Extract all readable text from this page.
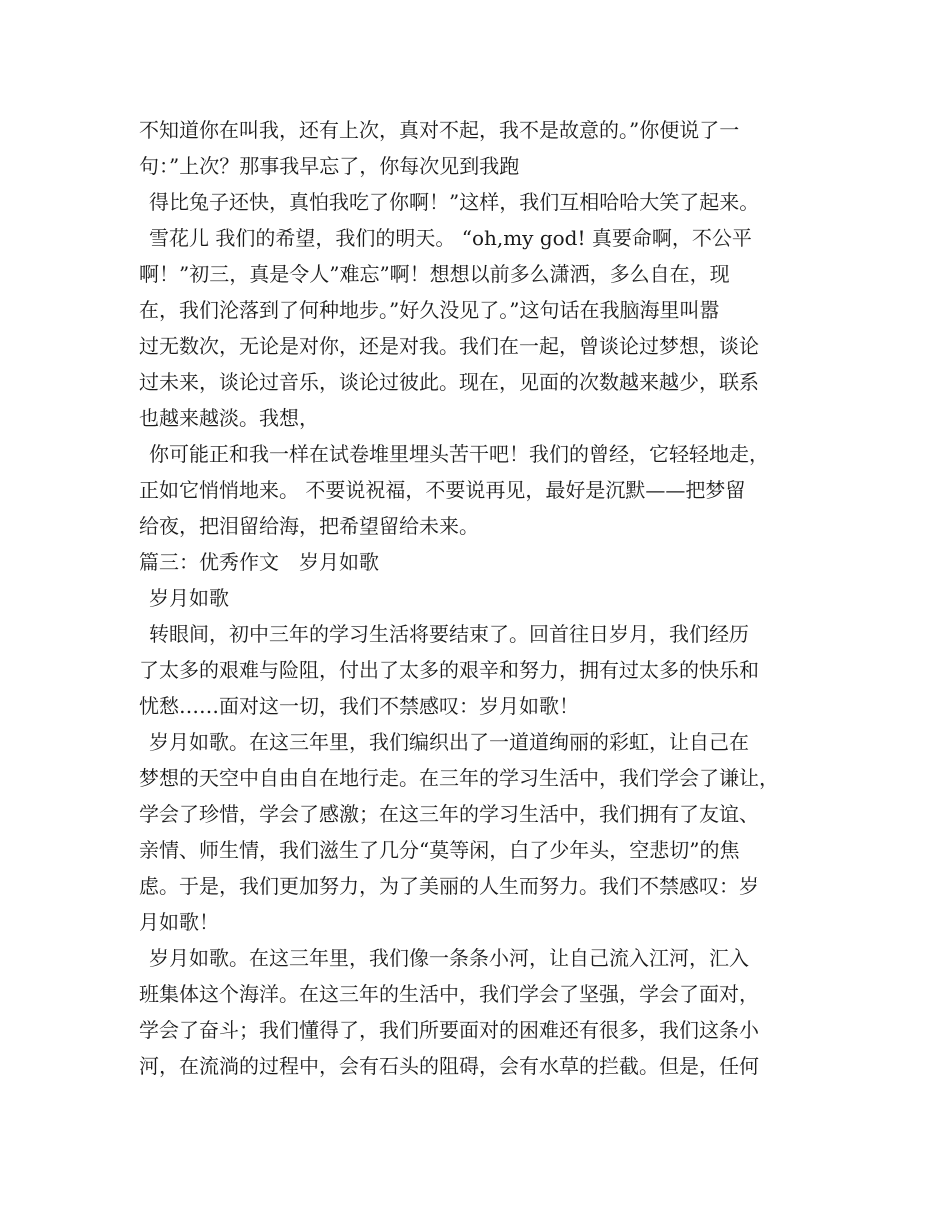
不知道你在叫我，还有上次，真对不起，我不是故意的。”你便说了一
句：”上次？那事我早忘了，你每次见到我跑
得比兔子还快，真怕我吃了你啊！”这样，我们互相哈哈大笑了起来。
雪花儿 我们的希望，我们的明天。 “oh,my god! 真要命啊，不公平
啊！”初三，真是令人”难忘”啊！想想以前多么潇洒，多么自在，现
在，我们沦落到了何种地步。”好久没见了。”这句话在我脑海里叫嚣
过无数次，无论是对你，还是对我。我们在一起，曾谈论过梦想，谈论
过未来，谈论过音乐，谈论过彼此。现在，见面的次数越来越少，联系
也越来越淡。我想，
你可能正和我一样在试卷堆里埋头苦干吧！我们的曾经，它轻轻地走，
正如它悄悄地来。 不要说祝福，不要说再见，最好是沉默——把梦留
给夜，把泪留给海，把希望留给未来。
篇三：优秀作文　岁月如歌
岁月如歌
转眼间，初中三年的学习生活将要结束了。回首往日岁月，我们经历
了太多的艰难与险阻，付出了太多的艰辛和努力，拥有过太多的快乐和
忧愁……面对这一切，我们不禁感叹：岁月如歌！
岁月如歌。在这三年里，我们编织出了一道道绚丽的彩虹，让自己在
梦想的天空中自由自在地行走。在三年的学习生活中，我们学会了谦让，
学会了珍惜，学会了感激；在这三年的学习生活中，我们拥有了友谊、
亲情、师生情，我们滋生了几分“莫等闲，白了少年头，空悲切”的焦
虑。于是，我们更加努力，为了美丽的人生而努力。我们不禁感叹：岁
月如歌！
岁月如歌。在这三年里，我们像一条条小河，让自己流入江河，汇入
班集体这个海洋。在这三年的生活中，我们学会了坚强，学会了面对，
学会了奋斗；我们懂得了，我们所要面对的困难还有很多，我们这条小
河，在流淌的过程中，会有石头的阻碍，会有水草的拦截。但是，任何
